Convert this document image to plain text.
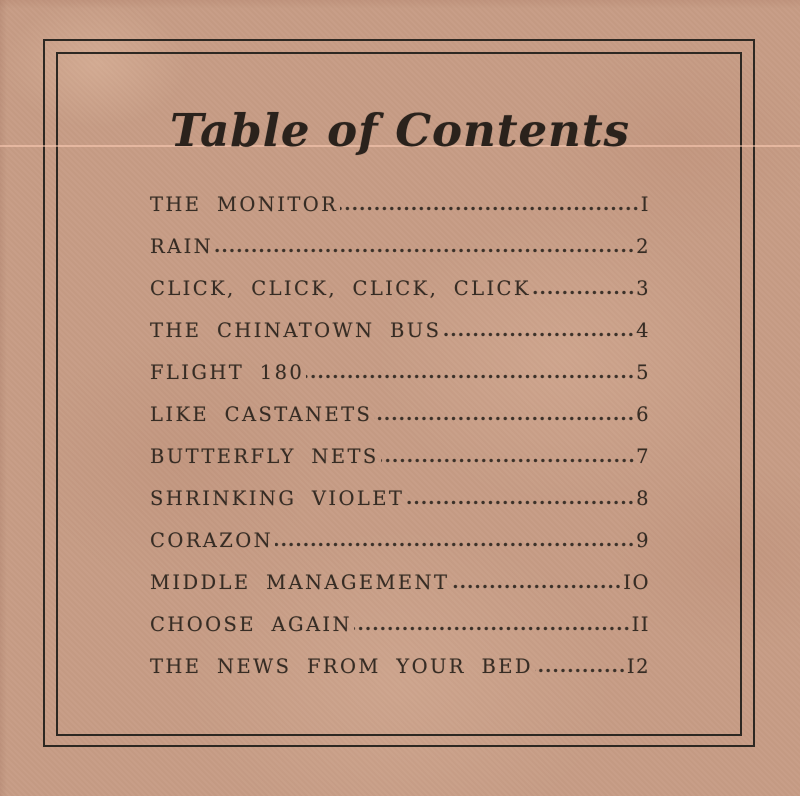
Table of Contents
THE MONITOR	I
RAIN	2
CLICK, CLICK, CLICK, CLICK	3
THE CHINATOWN BUS	4
FLIGHT 180	5
LIKE CASTANETS	6
BUTTERFLY NETS	7
SHRINKING VIOLET	8
CORAZON	9
MIDDLE MANAGEMENT	IO
CHOOSE AGAIN	II
THE NEWS FROM YOUR BED	I2
